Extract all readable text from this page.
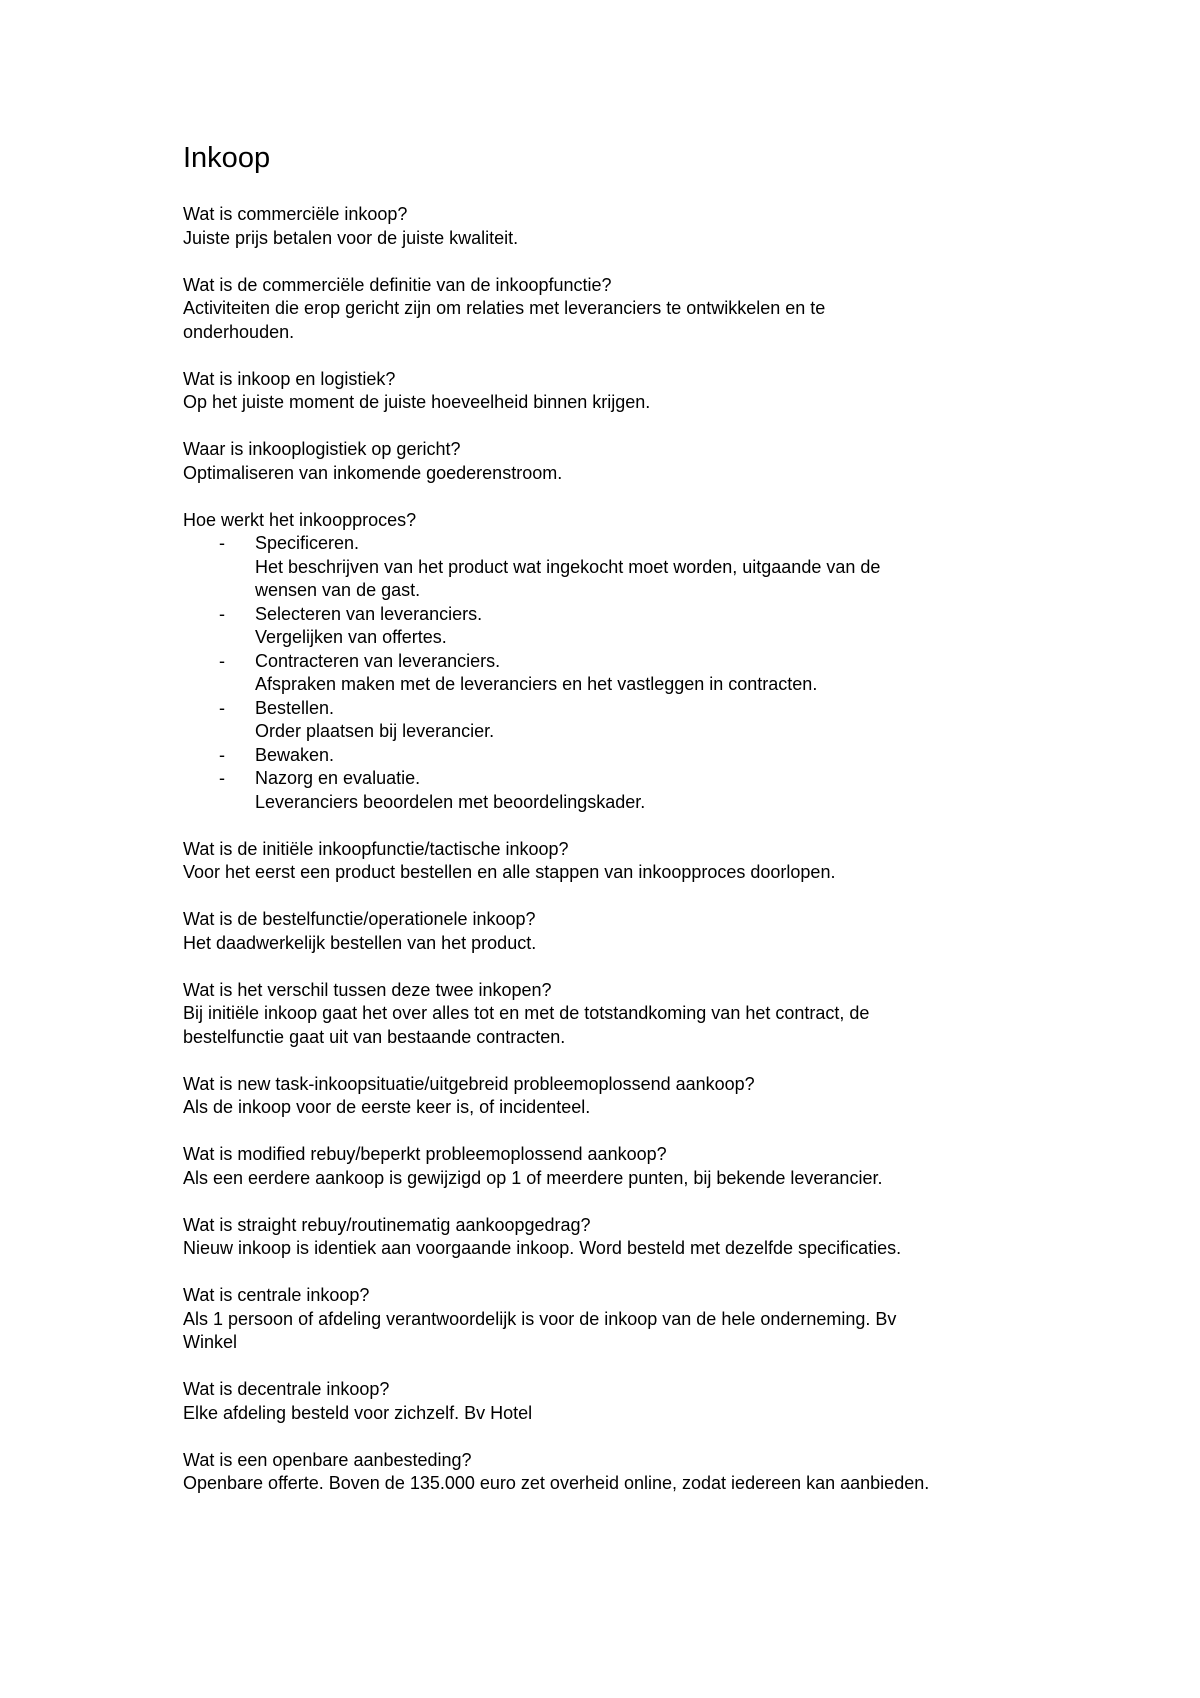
Inkoop

Wat is commerciële inkoop?

Juiste prijs betalen voor de juiste kwaliteit.

Wat is de commerciële definitie van de inkoopfunctie?

Activiteiten die erop gericht zijn om relaties met leveranciers te ontwikkelen en te
onderhouden.

Wat is inkoop en logistiek?

Op het juiste moment de juiste hoeveelheid binnen krijgen.

Waar is inkooplogistiek op gericht?

Optimaliseren van inkomende goederenstroom.

Hoe werkt het inkoopproces?

- Specificeren.

Het beschrijven van het product wat ingekocht moet worden, uitgaande van de
wensen van de gast.

- Selecteren van leveranciers.

Vergelijken van offertes.

- Contracteren van leveranciers.

Afspraken maken met de leveranciers en het vastleggen in contracten.

- Bestellen.

Order plaatsen bij leverancier.

- Bewaken.

- Nazorg en evaluatie.

Leveranciers beoordelen met beoordelingskader.

Wat is de initiële inkoopfunctie/tactische inkoop?

Voor het eerst een product bestellen en alle stappen van inkoopproces doorlopen.

Wat is de bestelfunctie/operationele inkoop?

Het daadwerkelijk bestellen van het product.

Wat is het verschil tussen deze twee inkopen?

Bij initiële inkoop gaat het over alles tot en met de totstandkoming van het contract, de
bestelfunctie gaat uit van bestaande contracten.

Wat is new task-inkoopsituatie/uitgebreid probleemoplossend aankoop?

Als de inkoop voor de eerste keer is, of incidenteel.

Wat is modified rebuy/beperkt probleemoplossend aankoop?

Als een eerdere aankoop is gewijzigd op 1 of meerdere punten, bij bekende leverancier.

Wat is straight rebuy/routinematig aankoopgedrag?

Nieuw inkoop is identiek aan voorgaande inkoop. Word besteld met dezelfde specificaties.

Wat is centrale inkoop?

Als 1 persoon of afdeling verantwoordelijk is voor de inkoop van de hele onderneming. Bv
Winkel

Wat is decentrale inkoop?

Elke afdeling besteld voor zichzelf. Bv Hotel

Wat is een openbare aanbesteding?

Openbare offerte. Boven de 135.000 euro zet overheid online, zodat iedereen kan aanbieden.
